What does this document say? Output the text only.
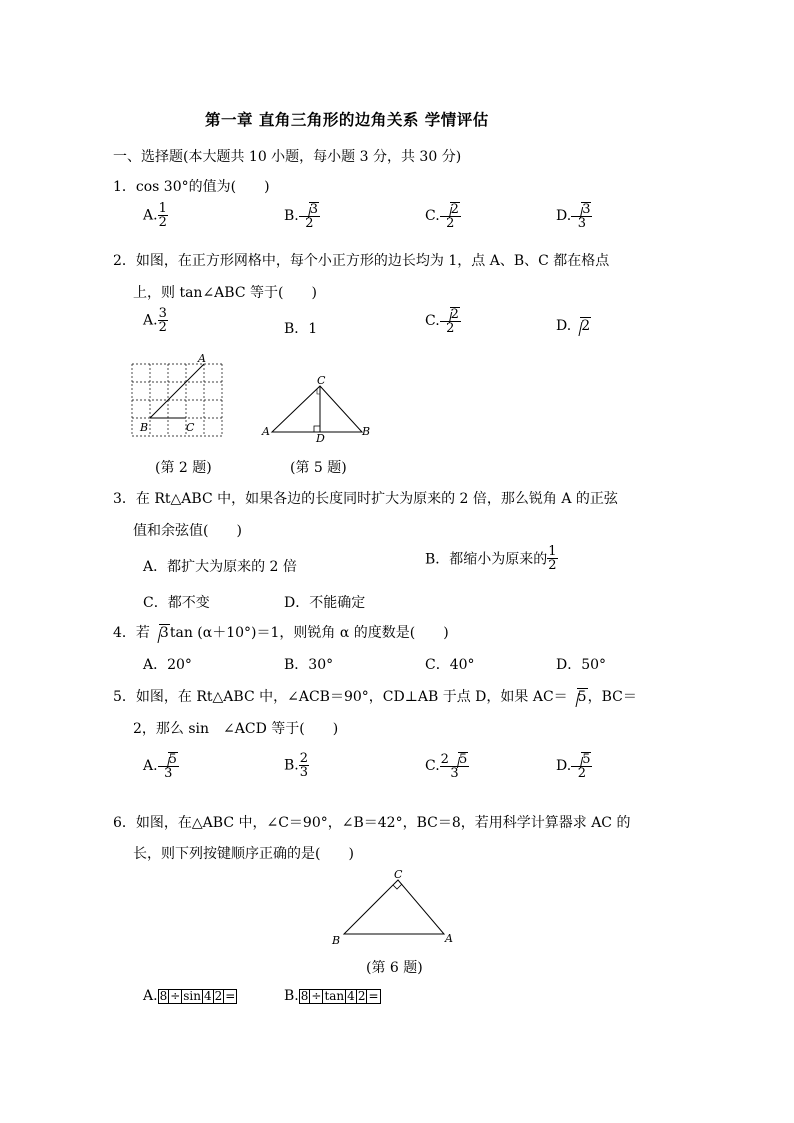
第一章 直角三角形的边角关系 学情评估
一、选择题(本大题共 10 小题，每小题 3 分，共 30 分)
1．cos 30°的值为(　　)
A. $\frac{1}{2}$	B. $\frac{3}{2}$	C. $\frac{2}{2}$	D. $\frac{3}{3}$
2．如图，在正方形网格中，每个小正方形的边长均为 1，点 A、B、C 都在格点
上，则 tan∠ABC 等于(　　)
A. $\frac{3}{2}$	B．1	C. $\frac{2}{2}$	D. 2
A
B	C
C
A	B
D
(第 2 题)	(第 5 题)
3．在 Rt△ABC 中，如果各边的长度同时扩大为原来的 2 倍，那么锐角 A 的正弦
值和余弦值(　　)
A．都扩大为原来的 2 倍	B．都缩小为原来的 $\frac{1}{2}$
C．都不变	D．不能确定
4．若 3tan (α＋10°)＝1，则锐角 α 的度数是(　　)
A．20°	B．30°	C．40°	D．50°
5．如图，在 Rt△ABC 中，∠ACB＝90°，CD⊥AB 于点 D，如果 AC＝ 5，BC＝
2，那么 sin　∠ACD 等于(　　)
A. $\frac{5}{3}$	B. $\frac{2}{3}$	C. $\frac{2 5}{3}$	D. $\frac{5}{2}$
6．如图，在△ABC 中，∠C＝90°，∠B＝42°，BC＝8，若用科学计算器求 AC 的
长，则下列按键顺序正确的是(　　)
C
B	A
(第 6 题)
A. 8 ÷ sin 4 2 =	B. 8 ÷ tan 4 2 =
